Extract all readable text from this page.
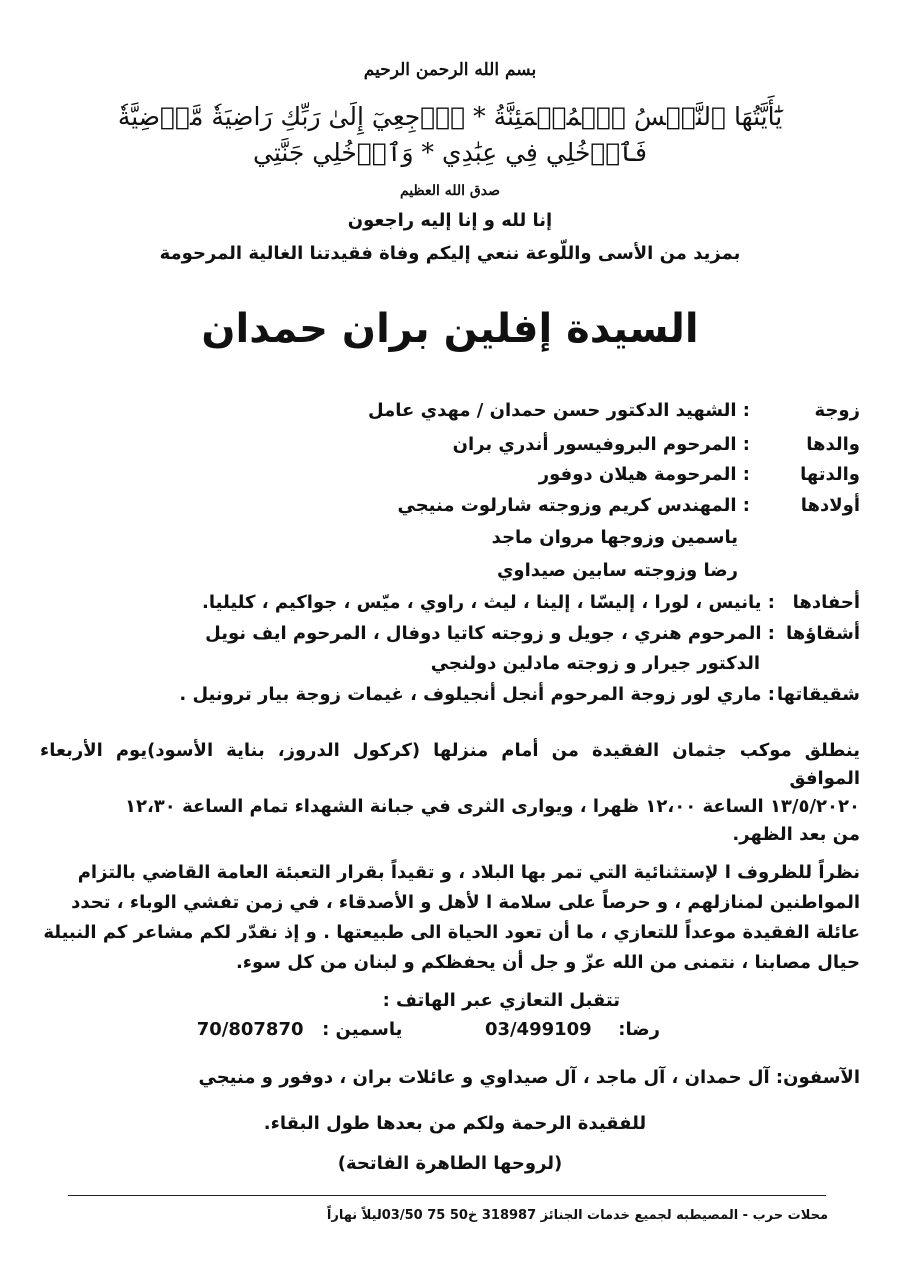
بسم الله الرحمن الرحيم
يَٰٓأَيَّتُهَا ٱلنَّفۡسُ ٱلۡمُطۡمَئِنَّةُ * ٱرۡجِعِيٓ إِلَىٰ رَبِّكِ رَاضِيَةٗ مَّرۡضِيَّةٗ
فَٱدۡخُلِي فِي عِبَٰدِي * وَٱدۡخُلِي جَنَّتِي
صدق الله العظيم
إنا لله و إنا إليه راجعون
بمزيد من الأسى واللّوعة ننعي إليكم وفاة فقيدتنا الغالية المرحومة
السيدة إفلين بران حمدان
زوجة
: الشهيد الدكتور حسن حمدان / مهدي عامل
والدها
: المرحوم البروفيسور أندري بران
والدتها
: المرحومة هيلان دوفور
أولادها
: المهندس كريم وزوجته شارلوت منيجي
ياسمين وزوجها مروان ماجد
رضا وزوجته سابين صيداوي
أحفادها
: يانيس ، لورا ، إليسّا ، إلينا ، ليث ، راوي ، ميّس ، جواكيم ، كليليا.
أشقاؤها
: المرحوم هنري ، جويل و زوجته كاتيا دوفال ، المرحوم ايف نويل
الدكتور جيرار و زوجته مادلين دولنجي
شقيقاتها
: ماري لور زوجة المرحوم أنجل أنجيلوف ، غيمات زوجة بيار ترونيل .
ينطلق موكب جثمان الفقيدة من أمام منزلها (كركول الدروز، بناية الأسود)يوم الأربعاء الموافق
١٣/٥/٢٠٢٠ الساعة ١٢،٠٠ ظهرا ، ويوارى الثرى في جبانة الشهداء تمام الساعة ١٢،٣٠
من بعد الظهر.
نظراً للظروف ا لإستثنائية التي تمر بها البلاد ، و تقيداً بقرار التعبئة العامة القاضي بالتزام
المواطنين لمنازلهم ، و حرصاً على سلامة ا لأهل و الأصدقاء ، في زمن تفشي الوباء ، تحدد
عائلة الفقيدة موعداً للتعازي ، ما أن تعود الحياة الى طبيعتها . و إذ نقدّر لكم مشاعر كم النبيلة
حيال مصابنا ، نتمنى من الله عزّ و جل أن يحفظكم و لبنان من كل سوء.
تتقبل التعازي عبر الهاتف :
رضا:  03/499109  ياسمين :  70/807870
الآسفون: آل حمدان ، آل ماجد ، آل صيداوي و عائلات بران ، دوفور و منيجي
للفقيدة الرحمة ولكم من بعدها طول البقاء.
(لروحها الطاهرة الفاتحة)
محلات حرب - المصيطبه لجميع خدمات الجنائز 318987 خ50 75 03/50ليلاً نهاراً
